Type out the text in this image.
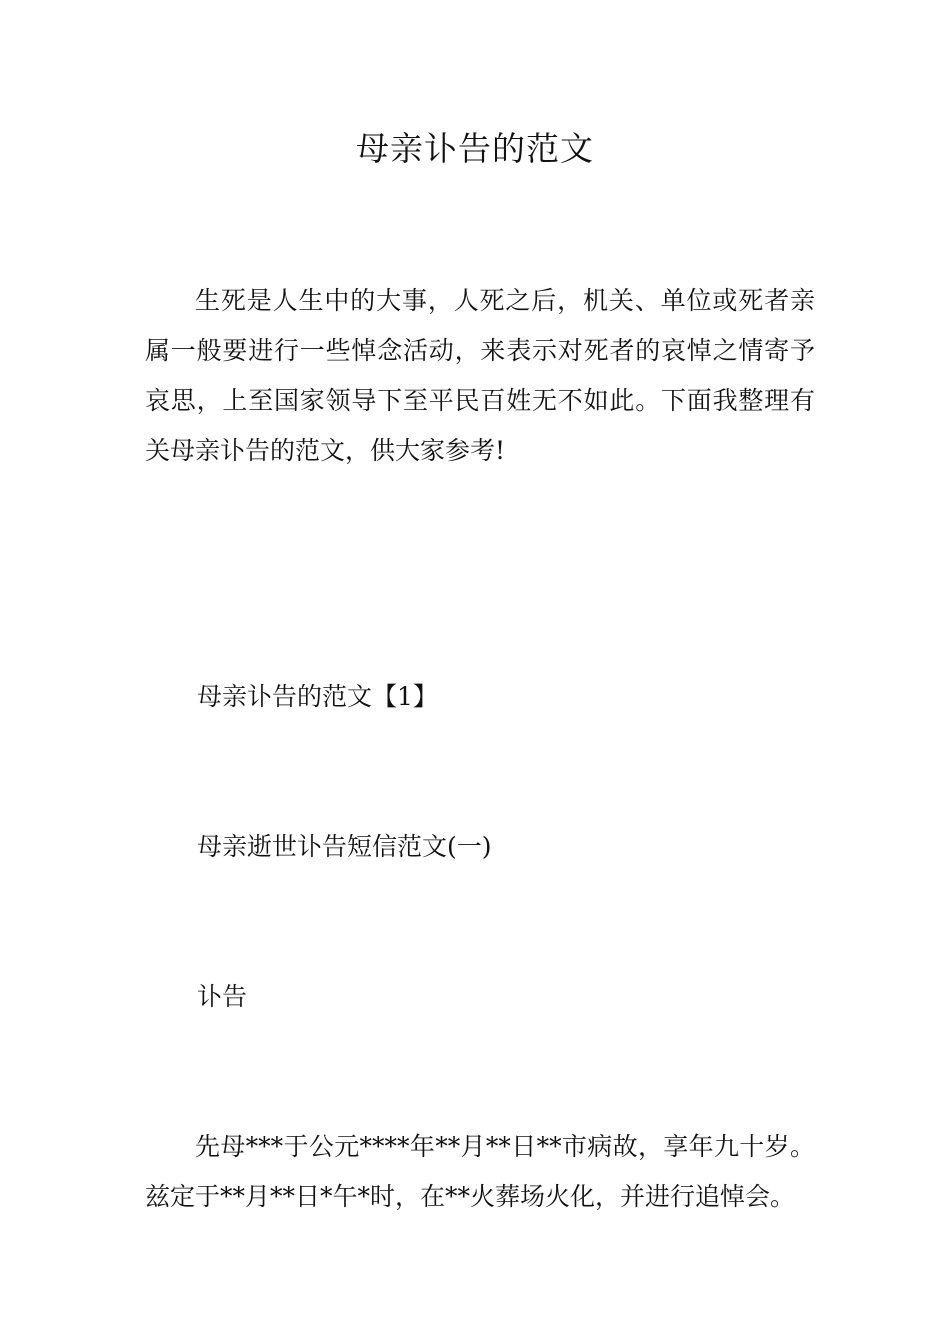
母亲讣告的范文

生死是人生中的大事，人死之后，机关、单位或死者亲属一般要进行一些悼念活动，来表示对死者的哀悼之情寄予哀思，上至国家领导下至平民百姓无不如此。下面我整理有关母亲讣告的范文，供大家参考!

母亲讣告的范文【1】

母亲逝世讣告短信范文(一)

讣告

先母***于公元****年**月**日**市病故，享年九十岁。兹定于**月**日*午*时，在**火葬场火化，并进行追悼会。
